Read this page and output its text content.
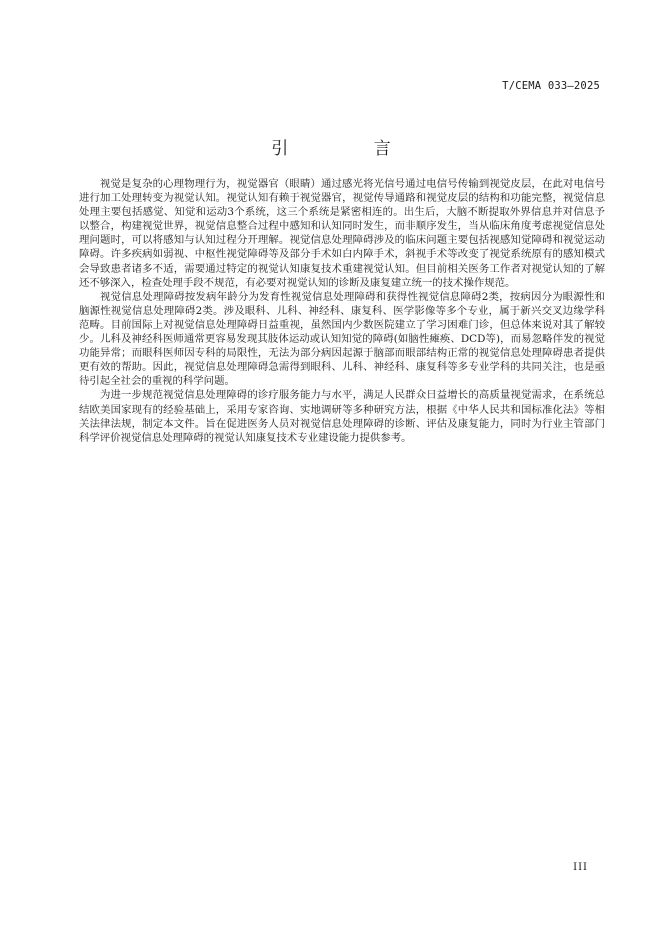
T/CEMA 033—2025
引 言

视觉是复杂的心理物理行为，视觉器官（眼睛）通过感光将光信号通过电信号传输到视觉皮层，在此对电信号进行加工处理转变为视觉认知。视觉认知有赖于视觉器官，视觉传导通路和视觉皮层的结构和功能完整，视觉信息处理主要包括感觉、知觉和运动3个系统，这三个系统是紧密相连的。出生后，大脑不断提取外界信息并对信息予以整合，构建视觉世界，视觉信息整合过程中感知和认知同时发生，而非顺序发生，当从临床角度考虑视觉信息处理问题时，可以将感知与认知过程分开理解。视觉信息处理障碍涉及的临床问题主要包括视感知觉障碍和视觉运动障碍。许多疾病如弱视、中枢性视觉障碍等及部分手术如白内障手术，斜视手术等改变了视觉系统原有的感知模式会导致患者诸多不适，需要通过特定的视觉认知康复技术重建视觉认知。但目前相关医务工作者对视觉认知的了解还不够深入，检查处理手段不规范，有必要对视觉认知的诊断及康复建立统一的技术操作规范。

视觉信息处理障碍按发病年龄分为发育性视觉信息处理障碍和获得性视觉信息障碍2类，按病因分为眼源性和脑源性视觉信息处理障碍2类。涉及眼科、儿科、神经科、康复科、医学影像等多个专业，属于新兴交叉边缘学科范畴。目前国际上对视觉信息处理障碍日益重视，虽然国内少数医院建立了学习困难门诊，但总体来说对其了解较少。儿科及神经科医师通常更容易发现其肢体运动或认知知觉的障碍(如脑性瘫痪、DCD等)，而易忽略伴发的视觉功能异常；而眼科医师因专科的局限性，无法为部分病因起源于脑部而眼部结构正常的视觉信息处理障碍患者提供更有效的帮助。因此，视觉信息处理障碍急需得到眼科、儿科、神经科、康复科等多专业学科的共同关注，也是亟待引起全社会的重视的科学问题。

为进一步规范视觉信息处理障碍的诊疗服务能力与水平，满足人民群众日益增长的高质量视觉需求，在系统总结欧美国家现有的经验基础上，采用专家咨询、实地调研等多种研究方法，根据《中华人民共和国标准化法》等相关法律法规，制定本文件。旨在促进医务人员对视觉信息处理障碍的诊断、评估及康复能力，同时为行业主管部门科学评价视觉信息处理障碍的视觉认知康复技术专业建设能力提供参考。

III
